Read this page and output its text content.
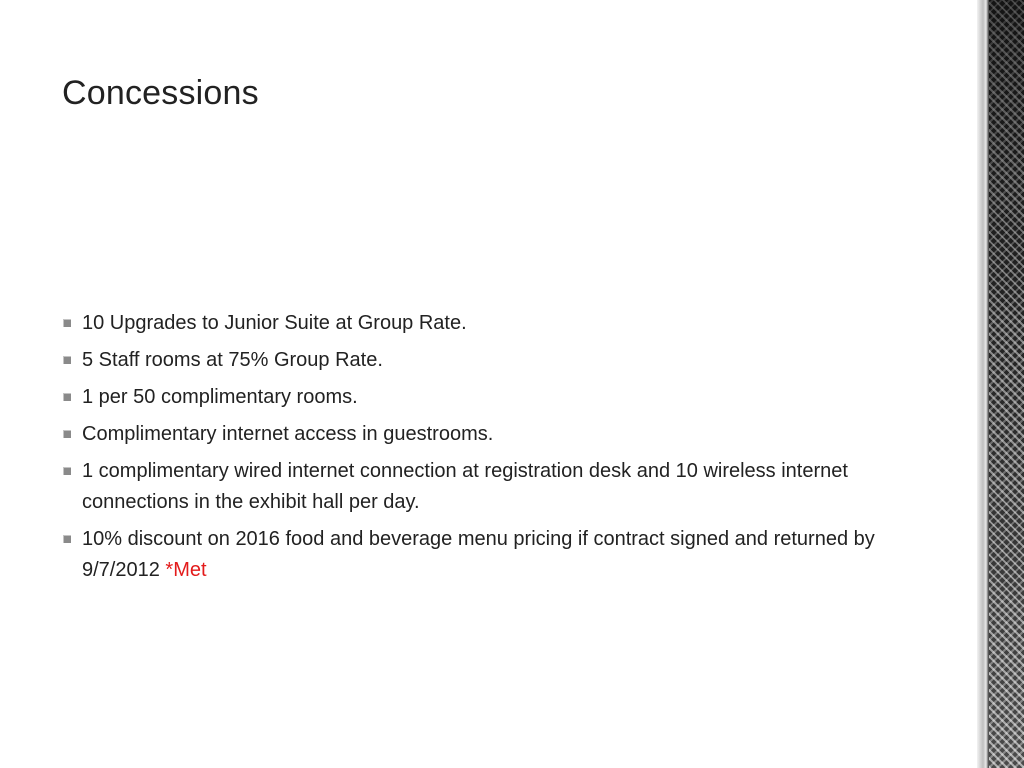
Concessions
10 Upgrades to Junior Suite at Group Rate.
5 Staff rooms at 75% Group Rate.
1 per 50 complimentary rooms.
Complimentary internet access in guestrooms.
1 complimentary wired internet connection at registration desk and 10 wireless internet connections in the exhibit hall per day.
10% discount on 2016 food and beverage menu pricing if contract signed and returned by 9/7/2012 *Met
